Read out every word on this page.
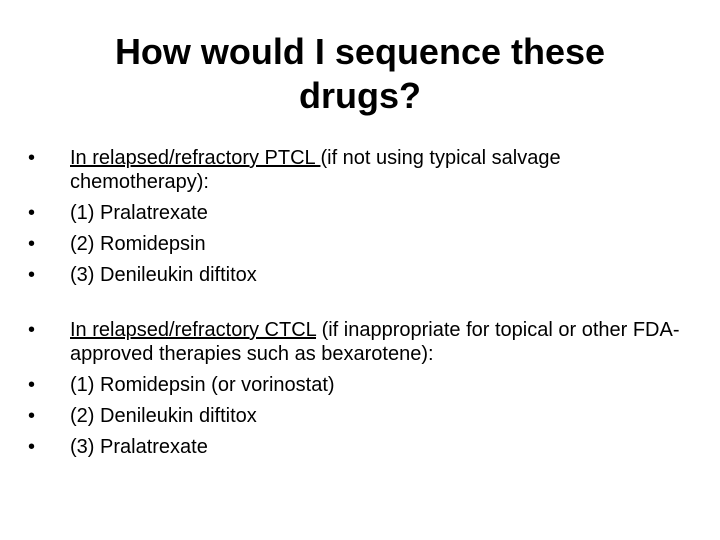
How would I sequence these
drugs?
•	In relapsed/refractory PTCL (if not using typical salvage chemotherapy):
•	(1) Pralatrexate
•	(2) Romidepsin
•	(3) Denileukin diftitox
•	In relapsed/refractory CTCL (if inappropriate for topical or other FDA-approved therapies such as bexarotene):
•	(1) Romidepsin (or vorinostat)
•	(2) Denileukin diftitox
•	(3) Pralatrexate
